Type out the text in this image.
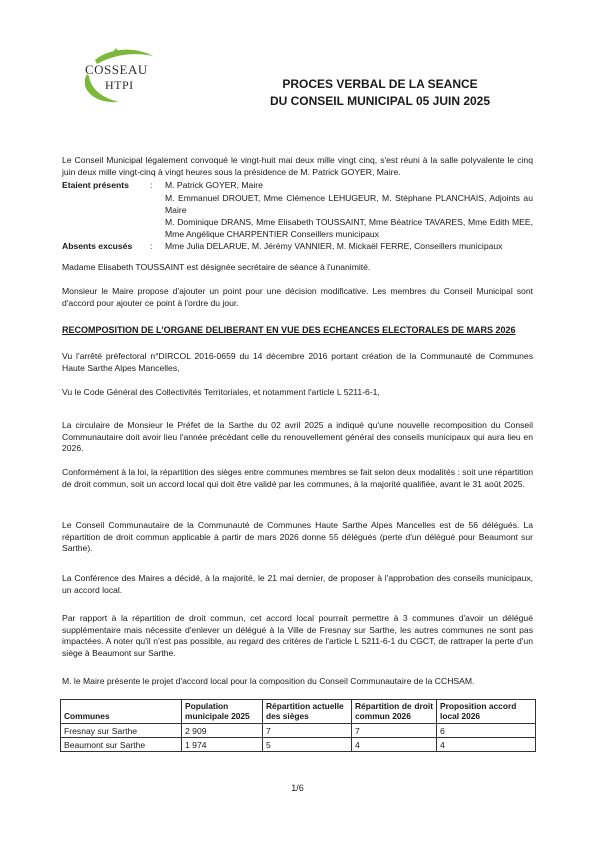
COSSEAU
HTPI	PROCES VERBAL DE LA SEANCE
DU CONSEIL MUNICIPAL 05 JUIN 2025
Le Conseil Municipal légalement convoqué le vingt-huit mai deux mille vingt cinq, s'est réuni à la salle polyvalente le cinq juin deux mille vingt-cinq à vingt heures sous la présidence de M. Patrick GOYER, Maire.
Etaient présents : M. Patrick GOYER, Maire
M. Emmanuel DROUET, Mme Clémence LEHUGEUR, M. Stéphane PLANCHAIS, Adjoints au Maire
M. Dominique DRANS, Mme Elisabeth TOUSSAINT, Mme Béatrice TAVARES, Mme Edith MEE, Mme Angélique CHARPENTIER Conseillers municipaux
Absents excusés : Mme Julia DELARUE, M. Jérémy VANNIER, M. Mickaël FERRE, Conseillers municipaux
Madame Elisabeth TOUSSAINT est désignée secrétaire de séance à l'unanimité.
Monsieur le Maire propose d'ajouter un point pour une décision modificative. Les membres du Conseil Municipal sont d'accord pour ajouter ce point à l'ordre du jour.
RECOMPOSITION DE L'ORGANE DELIBERANT EN VUE DES ECHEANCES ELECTORALES DE MARS 2026
Vu l'arrêté préfectoral n°DIRCOL 2016-0659 du 14 décembre 2016 portant création de la Communauté de Communes Haute Sarthe Alpes Mancelles,
Vu le Code Général des Collectivités Territoriales, et notamment l'article L 5211-6-1,
La circulaire de Monsieur le Préfet de la Sarthe du 02 avril 2025 a indiqué qu'une nouvelle recomposition du Conseil Communautaire doit avoir lieu l'année précédant celle du renouvellement général des conseils municipaux qui aura lieu en 2026.
Conformément à la loi, la répartition des sièges entre communes membres se fait selon deux modalités : soit une répartition de droit commun, soit un accord local qui doit être validé par les communes, à la majorité qualifiée, avant le 31 août 2025.
Le Conseil Communautaire de la Communauté de Communes Haute Sarthe Alpes Mancelles est de 56 délégués. La répartition de droit commun applicable à partir de mars 2026 donne 55 délégués (perte d'un délégué pour Beaumont sur Sarthe).
La Conférence des Maires a décidé, à la majorité, le 21 mai dernier, de proposer à l'approbation des conseils municipaux, un accord local.
Par rapport à la répartition de droit commun, cet accord local pourrait permettre à 3 communes d'avoir un délégué supplémentaire mais nécessite d'enlever un délégué à la Ville de Fresnay sur Sarthe, les autres communes ne sont pas impactées. A noter qu'il n'est pas possible, au regard des critères de l'article L 5211-6-1 du CGCT, de rattraper la perte d'un siège à Beaumont sur Sarthe.
M. le Maire présente le projet d'accord local pour la composition du Conseil Communautaire de la CCHSAM.
Communes	Population municipale 2025	Répartition actuelle des sièges	Répartition de droit commun 2026	Proposition accord local 2026
Fresnay sur Sarthe	2 909	7	7	6
Beaumont sur Sarthe	1 974	5	4	4
1/6
